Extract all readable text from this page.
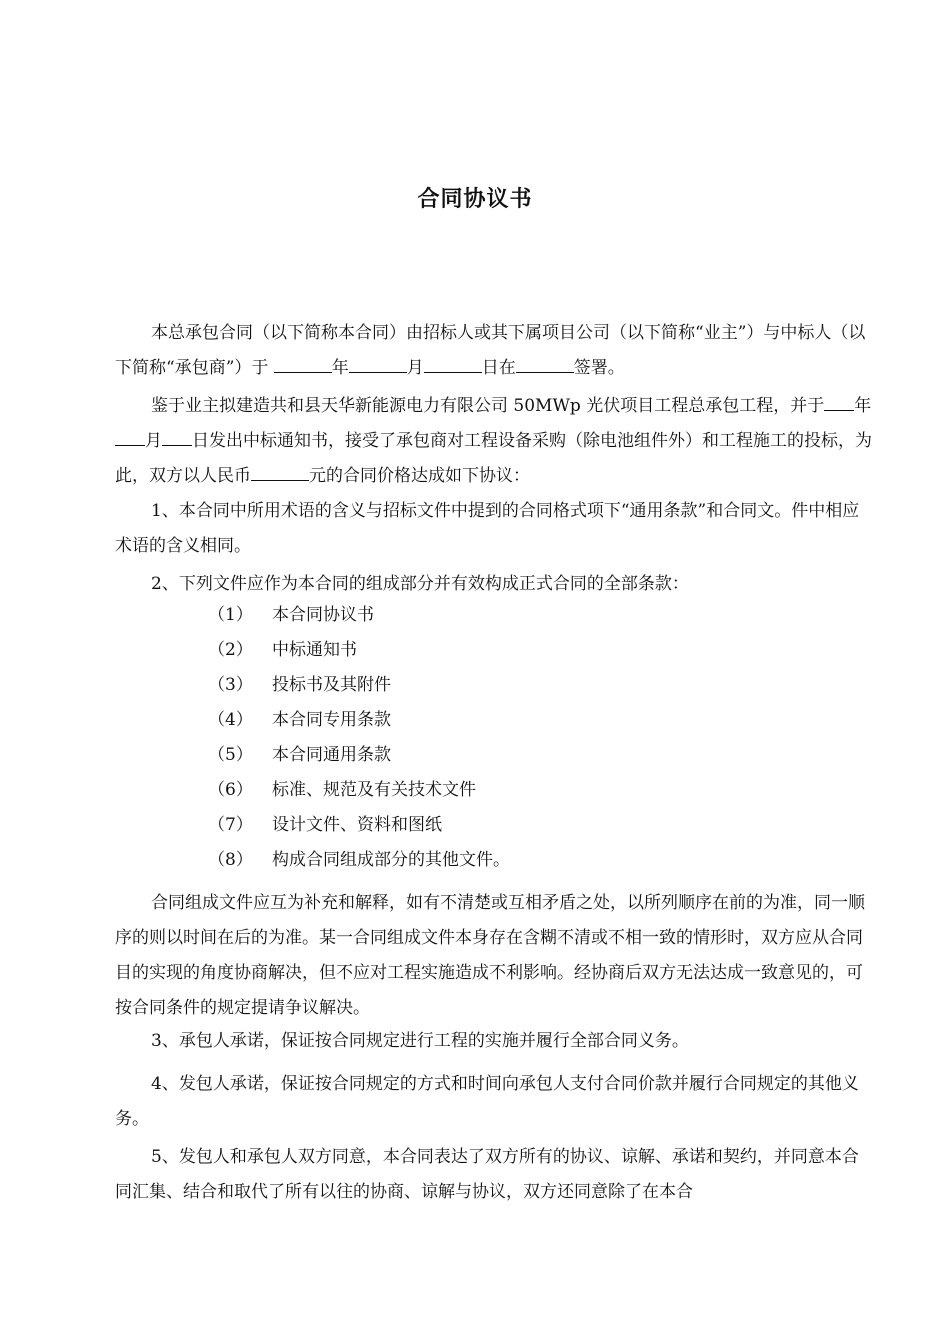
合同协议书
本总承包合同（以下简称本合同）由招标人或其下属项目公司（以下简称“业主”）与中标人（以下简称“承包商”）于	年	月	日在	签署。
鉴于业主拟建造共和县天华新能源电力有限公司 50MWp 光伏项目工程总承包工程，并于 年月 日发出中标通知书，接受了承包商对工程设备采购（除电池组件外）和工程施工的投标，为此，双方以人民币	元的合同价格达成如下协议：
1、本合同中所用术语的含义与招标文件中提到的合同格式项下“通用条款”和合同文。件中相应术语的含义相同。
2、下列文件应作为本合同的组成部分并有效构成正式合同的全部条款：
（1） 本合同协议书
（2） 中标通知书
（3） 投标书及其附件
（4） 本合同专用条款
（5） 本合同通用条款
（6） 标准、规范及有关技术文件
（7） 设计文件、资料和图纸
（8） 构成合同组成部分的其他文件。
合同组成文件应互为补充和解释，如有不清楚或互相矛盾之处，以所列顺序在前的为准，同一顺序的则以时间在后的为准。某一合同组成文件本身存在含糊不清或不相一致的情形时，双方应从合同目的实现的角度协商解决，但不应对工程实施造成不利影响。经协商后双方无法达成一致意见的，可按合同条件的规定提请争议解决。
3、承包人承诺，保证按合同规定进行工程的实施并履行全部合同义务。
4、发包人承诺，保证按合同规定的方式和时间向承包人支付合同价款并履行合同规定的其他义务。
5、发包人和承包人双方同意，本合同表达了双方所有的协议、谅解、承诺和契约，并同意本合同汇集、结合和取代了所有以往的协商、谅解与协议，双方还同意除了在本合
